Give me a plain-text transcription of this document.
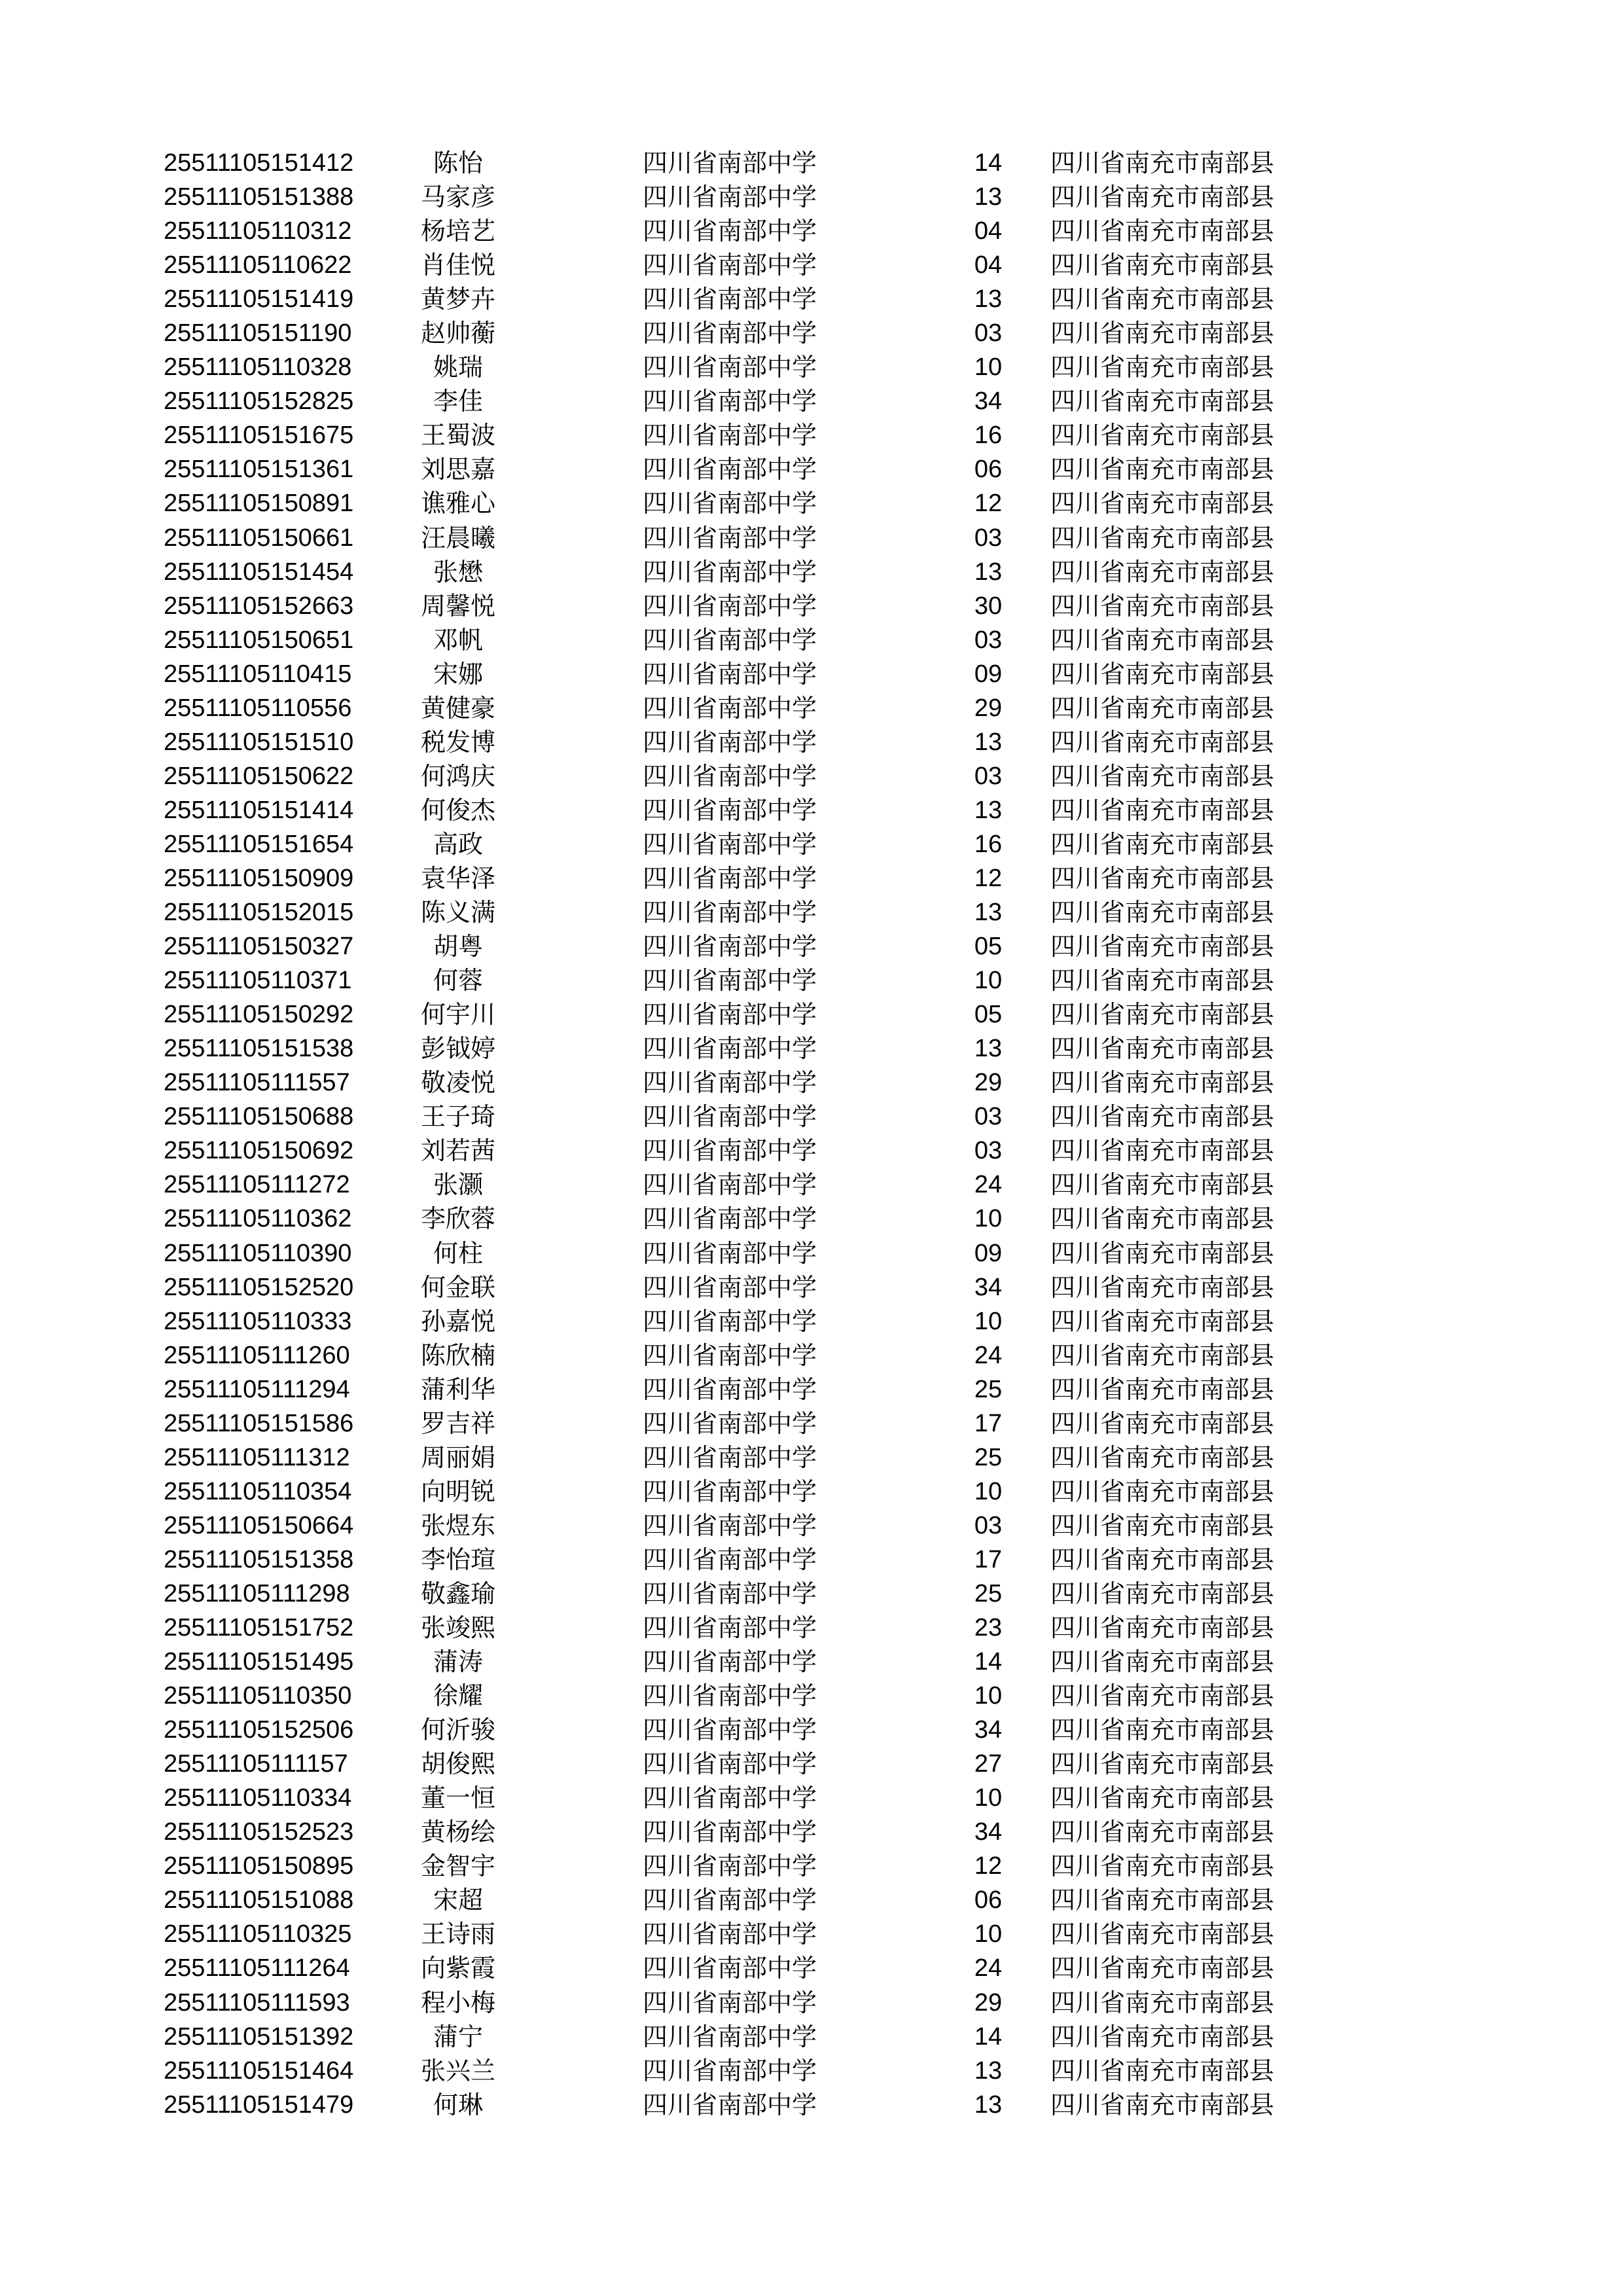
25511105151412	陈怡	四川省南部中学	14	四川省南充市南部县
25511105151388	马家彦	四川省南部中学	13	四川省南充市南部县
25511105110312	杨培艺	四川省南部中学	04	四川省南充市南部县
25511105110622	肖佳悦	四川省南部中学	04	四川省南充市南部县
25511105151419	黄梦卉	四川省南部中学	13	四川省南充市南部县
25511105151190	赵帅蘅	四川省南部中学	03	四川省南充市南部县
25511105110328	姚瑞	四川省南部中学	10	四川省南充市南部县
25511105152825	李佳	四川省南部中学	34	四川省南充市南部县
25511105151675	王蜀波	四川省南部中学	16	四川省南充市南部县
25511105151361	刘思嘉	四川省南部中学	06	四川省南充市南部县
25511105150891	谯雅心	四川省南部中学	12	四川省南充市南部县
25511105150661	汪晨曦	四川省南部中学	03	四川省南充市南部县
25511105151454	张懋	四川省南部中学	13	四川省南充市南部县
25511105152663	周馨悦	四川省南部中学	30	四川省南充市南部县
25511105150651	邓帆	四川省南部中学	03	四川省南充市南部县
25511105110415	宋娜	四川省南部中学	09	四川省南充市南部县
25511105110556	黄健豪	四川省南部中学	29	四川省南充市南部县
25511105151510	税发博	四川省南部中学	13	四川省南充市南部县
25511105150622	何鸿庆	四川省南部中学	03	四川省南充市南部县
25511105151414	何俊杰	四川省南部中学	13	四川省南充市南部县
25511105151654	高政	四川省南部中学	16	四川省南充市南部县
25511105150909	袁华泽	四川省南部中学	12	四川省南充市南部县
25511105152015	陈义满	四川省南部中学	13	四川省南充市南部县
25511105150327	胡粤	四川省南部中学	05	四川省南充市南部县
25511105110371	何蓉	四川省南部中学	10	四川省南充市南部县
25511105150292	何宇川	四川省南部中学	05	四川省南充市南部县
25511105151538	彭钺婷	四川省南部中学	13	四川省南充市南部县
25511105111557	敬凌悦	四川省南部中学	29	四川省南充市南部县
25511105150688	王子琦	四川省南部中学	03	四川省南充市南部县
25511105150692	刘若茜	四川省南部中学	03	四川省南充市南部县
25511105111272	张灏	四川省南部中学	24	四川省南充市南部县
25511105110362	李欣蓉	四川省南部中学	10	四川省南充市南部县
25511105110390	何柱	四川省南部中学	09	四川省南充市南部县
25511105152520	何金联	四川省南部中学	34	四川省南充市南部县
25511105110333	孙嘉悦	四川省南部中学	10	四川省南充市南部县
25511105111260	陈欣楠	四川省南部中学	24	四川省南充市南部县
25511105111294	蒲利华	四川省南部中学	25	四川省南充市南部县
25511105151586	罗吉祥	四川省南部中学	17	四川省南充市南部县
25511105111312	周丽娟	四川省南部中学	25	四川省南充市南部县
25511105110354	向明锐	四川省南部中学	10	四川省南充市南部县
25511105150664	张煜东	四川省南部中学	03	四川省南充市南部县
25511105151358	李怡瑄	四川省南部中学	17	四川省南充市南部县
25511105111298	敬鑫瑜	四川省南部中学	25	四川省南充市南部县
25511105151752	张竣熙	四川省南部中学	23	四川省南充市南部县
25511105151495	蒲涛	四川省南部中学	14	四川省南充市南部县
25511105110350	徐耀	四川省南部中学	10	四川省南充市南部县
25511105152506	何沂骏	四川省南部中学	34	四川省南充市南部县
25511105111157	胡俊熙	四川省南部中学	27	四川省南充市南部县
25511105110334	董一恒	四川省南部中学	10	四川省南充市南部县
25511105152523	黄杨绘	四川省南部中学	34	四川省南充市南部县
25511105150895	金智宇	四川省南部中学	12	四川省南充市南部县
25511105151088	宋超	四川省南部中学	06	四川省南充市南部县
25511105110325	王诗雨	四川省南部中学	10	四川省南充市南部县
25511105111264	向紫霞	四川省南部中学	24	四川省南充市南部县
25511105111593	程小梅	四川省南部中学	29	四川省南充市南部县
25511105151392	蒲宁	四川省南部中学	14	四川省南充市南部县
25511105151464	张兴兰	四川省南部中学	13	四川省南充市南部县
25511105151479	何琳	四川省南部中学	13	四川省南充市南部县
